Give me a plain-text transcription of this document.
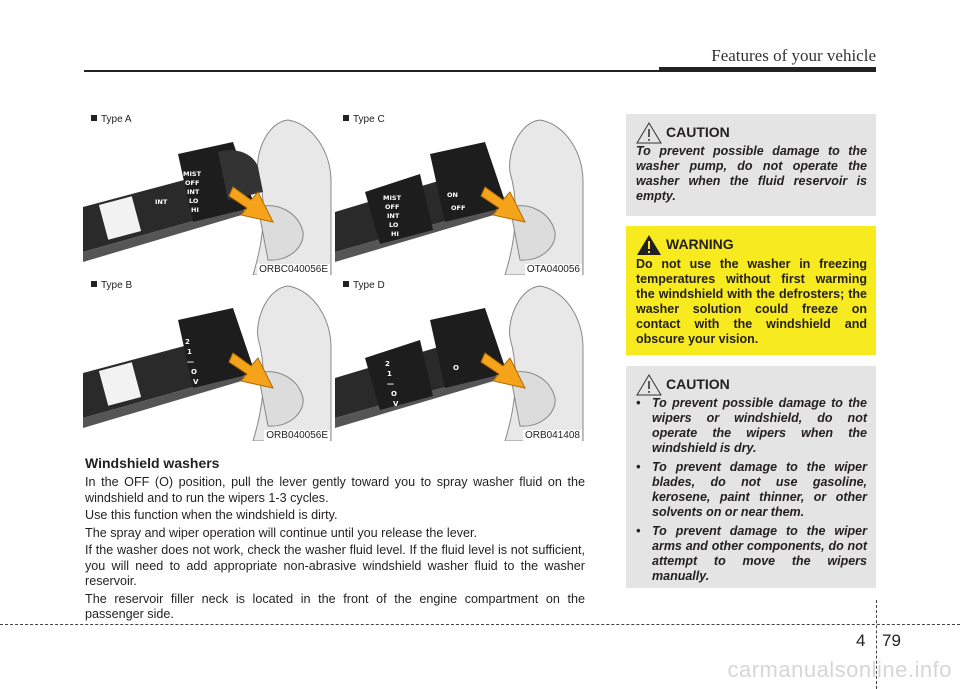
Features of your vehicle
MIST
OFF
INT
LO
HI
INT
Type A
ORBC040056E
MIST
OFF
INT
LO
HI
ON
OFF
Type C
OTA040056
2
1
—
O
V
Type B
ORB040056E
2
1
—
O
V
O
Type D
ORB041408
Windshield washers

In the OFF (O) position, pull the lever gently toward you to spray washer fluid on the windshield and to run the wipers 1-3 cycles.

Use this function when the windshield is dirty.

The spray and wiper operation will continue until you release the lever.

If the washer does not work, check the washer fluid level. If the fluid level is not sufficient, you will need to add appropriate non-abrasive windshield washer fluid to the washer reservoir.

The reservoir filler neck is located in the front of the engine compartment on the passenger side.

CAUTION

To prevent possible damage to the washer pump, do not operate the washer when the fluid reservoir is empty.

WARNING

Do not use the washer in freezing temperatures without first warming the windshield with the defrosters; the washer solution could freeze on contact with the windshield and obscure your vision.

CAUTION
• To prevent possible damage to the wipers or windshield, do not operate the wipers when the windshield is dry.
• To prevent damage to the wiper blades, do not use gasoline, kerosene, paint thinner, or other solvents on or near them.
• To prevent damage to the wiper arms and other components, do not attempt to move the wipers manually.
4 79
carmanualsonline.info
